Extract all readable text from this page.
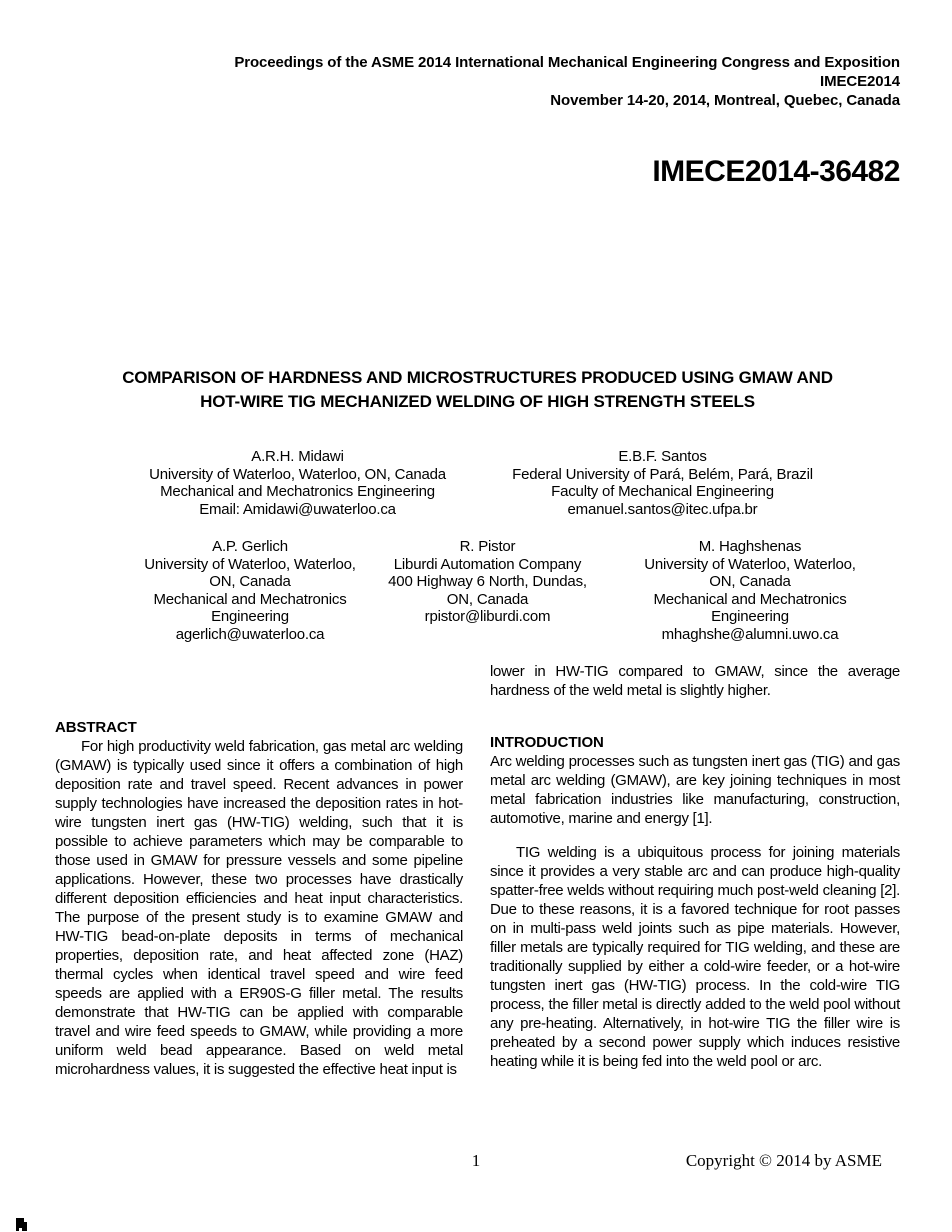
Proceedings of the ASME 2014 International Mechanical Engineering Congress and Exposition
IMECE2014
November 14-20, 2014, Montreal, Quebec, Canada
IMECE2014-36482
COMPARISON OF HARDNESS AND MICROSTRUCTURES PRODUCED USING GMAW AND
HOT-WIRE TIG MECHANIZED WELDING OF HIGH STRENGTH STEELS
A.R.H. Midawi
University of Waterloo, Waterloo, ON, Canada
Mechanical and Mechatronics Engineering
Email: Amidawi@uwaterloo.ca
E.B.F. Santos
Federal University of Pará, Belém, Pará, Brazil
Faculty of Mechanical Engineering
emanuel.santos@itec.ufpa.br
A.P. Gerlich
University of Waterloo, Waterloo,
ON, Canada
Mechanical and Mechatronics
Engineering
agerlich@uwaterloo.ca
R. Pistor
Liburdi Automation Company
400 Highway 6 North, Dundas,
ON, Canada
rpistor@liburdi.com
M. Haghshenas
University of Waterloo, Waterloo,
ON, Canada
Mechanical and Mechatronics
Engineering
mhaghshe@alumni.uwo.ca

ABSTRACT

For high productivity weld fabrication, gas metal arc welding (GMAW) is typically used since it offers a combination of high deposition rate and travel speed. Recent advances in power supply technologies have increased the deposition rates in hot-wire tungsten inert gas (HW-TIG) welding, such that it is possible to achieve parameters which may be comparable to those used in GMAW for pressure vessels and some pipeline applications. However, these two processes have drastically different deposition efficiencies and heat input characteristics. The purpose of the present study is to examine GMAW and HW-TIG bead-on-plate deposits in terms of mechanical properties, deposition rate, and heat affected zone (HAZ) thermal cycles when identical travel speed and wire feed speeds are applied with a ER90S-G filler metal. The results demonstrate that HW-TIG can be applied with comparable travel and wire feed speeds to GMAW, while providing a more uniform weld bead appearance. Based on weld metal microhardness values, it is suggested the effective heat input is

lower in HW-TIG compared to GMAW, since the average hardness of the weld metal is slightly higher.

INTRODUCTION

Arc welding processes such as tungsten inert gas (TIG) and gas metal arc welding (GMAW), are key joining techniques in most metal fabrication industries like manufacturing, construction, automotive, marine and energy [1].

TIG welding is a ubiquitous process for joining materials since it provides a very stable arc and can produce high-quality spatter-free welds without requiring much post-weld cleaning [2]. Due to these reasons, it is a favored technique for root passes on in multi-pass weld joints such as pipe materials. However, filler metals are typically required for TIG welding, and these are traditionally supplied by either a cold-wire feeder, or a hot-wire tungsten inert gas (HW-TIG) process. In the cold-wire TIG process, the filler metal is directly added to the weld pool without any pre-heating. Alternatively, in hot-wire TIG the filler wire is preheated by a second power supply which induces resistive heating while it is being fed into the weld pool or arc.

1	Copyright © 2014 by ASME
